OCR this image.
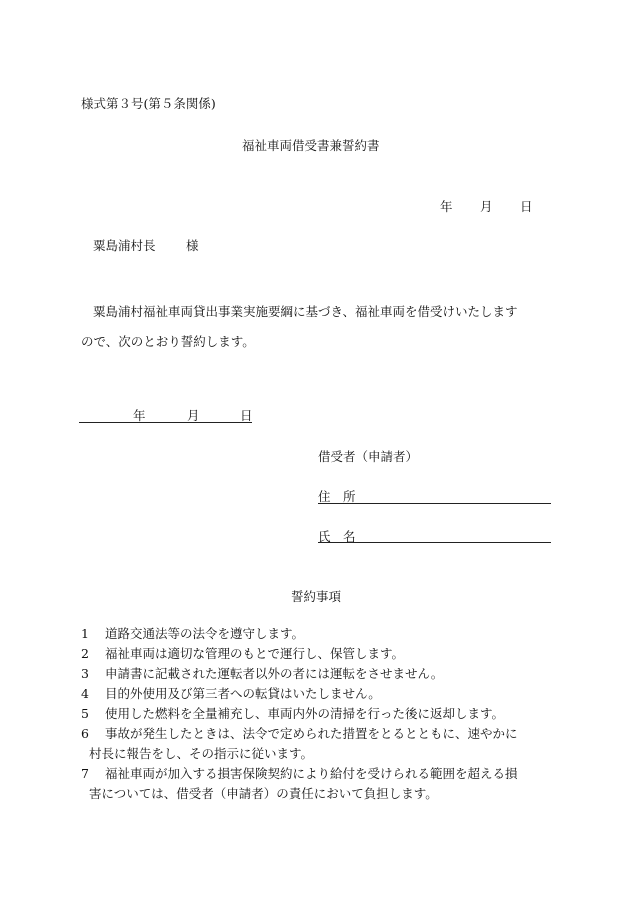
様式第３号(第５条関係)
福祉車両借受書兼誓約書
年 月 日
粟島浦村長 様
粟島浦村福祉車両貸出事業実施要綱に基づき、福祉車両を借受けいたします
ので、次のとおり誓約します。
年	月	日
借受者（申請者）
住　所
氏　名
誓約事項
1	道路交通法等の法令を遵守します。
2	福祉車両は適切な管理のもとで運行し、保管します。
3	申請書に記載された運転者以外の者には運転をさせません。
4	目的外使用及び第三者への転貸はいたしません。
5	使用した燃料を全量補充し、車両内外の清掃を行った後に返却します。
6	事故が発生したときは、法令で定められた措置をとるとともに、速やかに
村長に報告をし、その指示に従います。
7	福祉車両が加入する損害保険契約により給付を受けられる範囲を超える損
害については、借受者（申請者）の責任において負担します。
